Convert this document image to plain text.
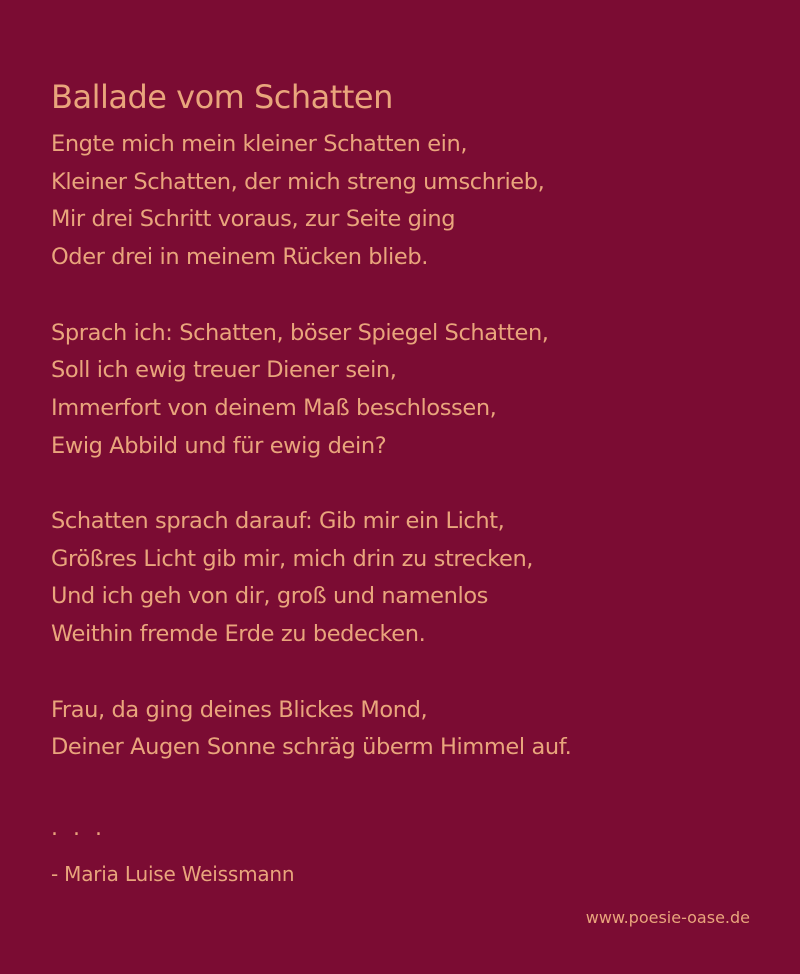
Ballade vom Schatten
Engte mich mein kleiner Schatten ein,
Kleiner Schatten, der mich streng umschrieb,
Mir drei Schritt voraus, zur Seite ging
Oder drei in meinem Rücken blieb.
Sprach ich: Schatten, böser Spiegel Schatten,
Soll ich ewig treuer Diener sein,
Immerfort von deinem Maß beschlossen,
Ewig Abbild und für ewig dein?
Schatten sprach darauf: Gib mir ein Licht,
Größres Licht gib mir, mich drin zu strecken,
Und ich geh von dir, groß und namenlos
Weithin fremde Erde zu bedecken.
Frau, da ging deines Blickes Mond,
Deiner Augen Sonne schräg überm Himmel auf.
. . .
- Maria Luise Weissmann
www.poesie-oase.de
